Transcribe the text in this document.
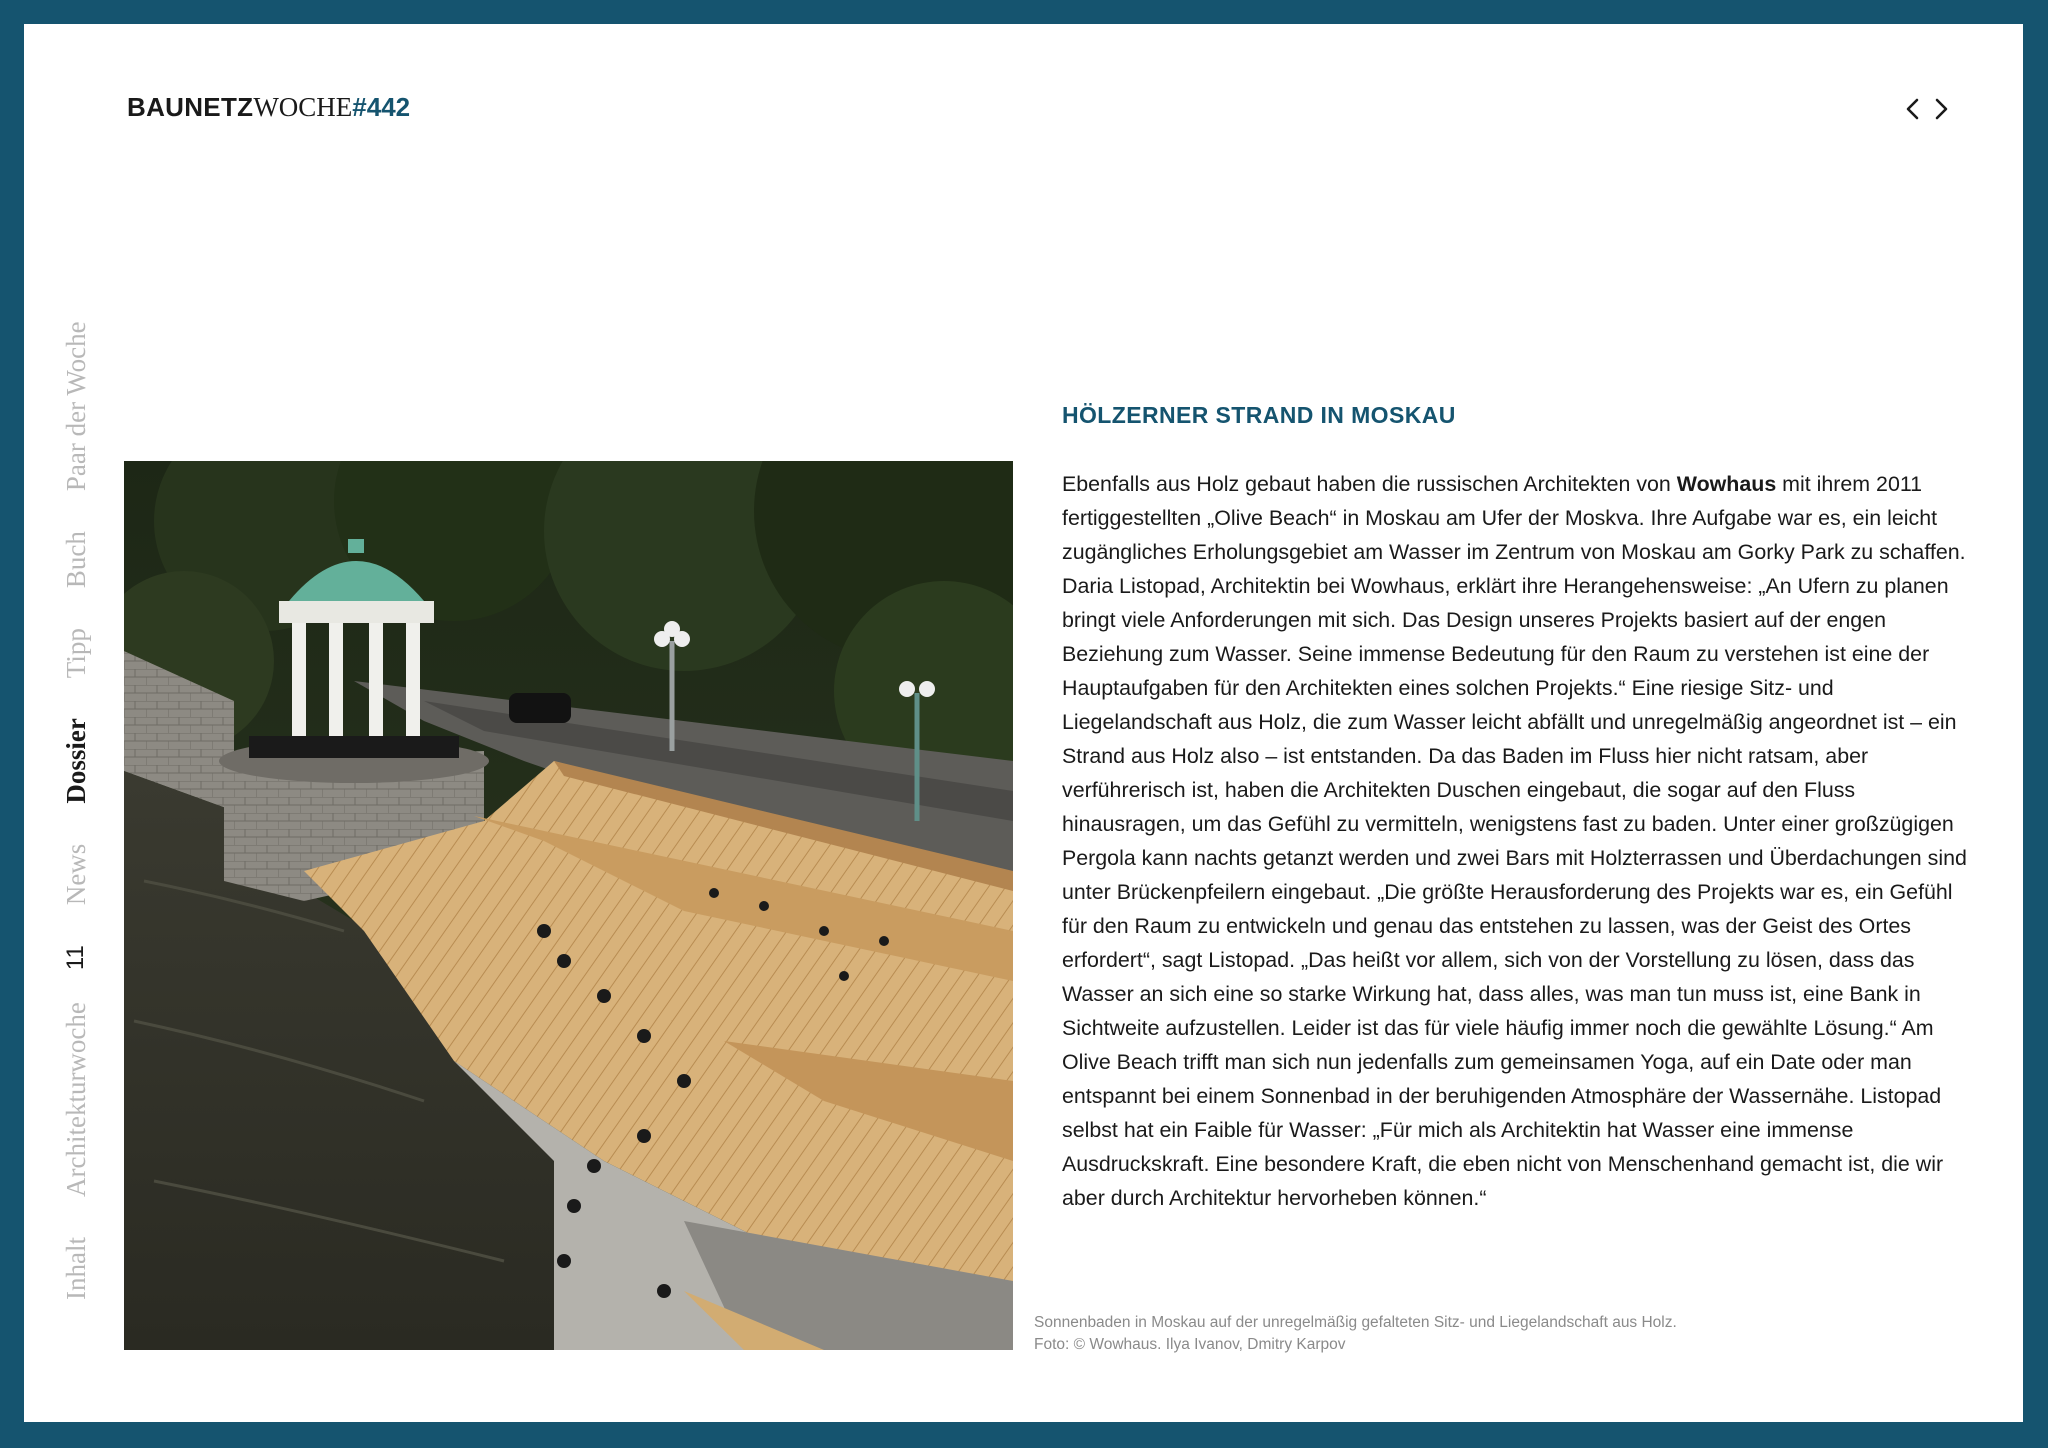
BAUNETZWOCHE#442
Inhalt
Architekturwoche
11
News
Dossier
Tipp
Buch
Paar der Woche	HÖLZERNER STRAND IN MOSKAU

Ebenfalls aus Holz gebaut haben die russischen Architekten von Wowhaus mit ihrem 2011 fertiggestellten „Olive Beach“ in Moskau am Ufer der Moskva. Ihre Aufgabe war es, ein leicht zugängliches Erholungsgebiet am Wasser im Zentrum von Moskau am Gorky Park zu schaffen. Daria Listopad, Architektin bei Wowhaus, erklärt ihre Herangehensweise: „An Ufern zu planen bringt viele Anforderungen mit sich. Das Design unseres Projekts basiert auf der engen Beziehung zum Wasser. Seine immense Bedeutung für den Raum zu verstehen ist eine der Hauptaufgaben für den Architekten eines solchen Projekts.“ Eine riesige Sitz- und Liegelandschaft aus Holz, die zum Wasser leicht abfällt und unregelmäßig angeordnet ist – ein Strand aus Holz also – ist entstanden. Da das Baden im Fluss hier nicht ratsam, aber verführerisch ist, haben die Architekten Duschen eingebaut, die sogar auf den Fluss hinausragen, um das Gefühl zu vermitteln, wenigstens fast zu baden. Unter einer großzügigen Pergola kann nachts getanzt werden und zwei Bars mit Holzterrassen und Überdachungen sind unter Brückenpfeilern eingebaut. „Die größte Herausforderung des Projekts war es, ein Gefühl für den Raum zu entwickeln und genau das entstehen zu lassen, was der Geist des Ortes erfordert“, sagt Listopad. „Das heißt vor allem, sich von der Vorstellung zu lösen, dass das Wasser an sich eine so starke Wirkung hat, dass alles, was man tun muss ist, eine Bank in Sichtweite aufzustellen. Leider ist das für viele häufig immer noch die gewählte Lösung.“ Am Olive Beach trifft man sich nun jedenfalls zum gemeinsamen Yoga, auf ein Date oder man entspannt bei einem Sonnenbad in der beruhigenden Atmosphäre der Wassernähe. Listopad selbst hat ein Faible für Wasser: „Für mich als Architektin hat Wasser eine immense Ausdruckskraft. Eine besondere Kraft, die eben nicht von Menschenhand gemacht ist, die wir aber durch Architektur hervorheben können.“

Sonnenbaden in Moskau auf der unregelmäßig gefalteten Sitz- und Liegelandschaft aus Holz.
Foto: © Wowhaus. Ilya Ivanov, Dmitry Karpov
